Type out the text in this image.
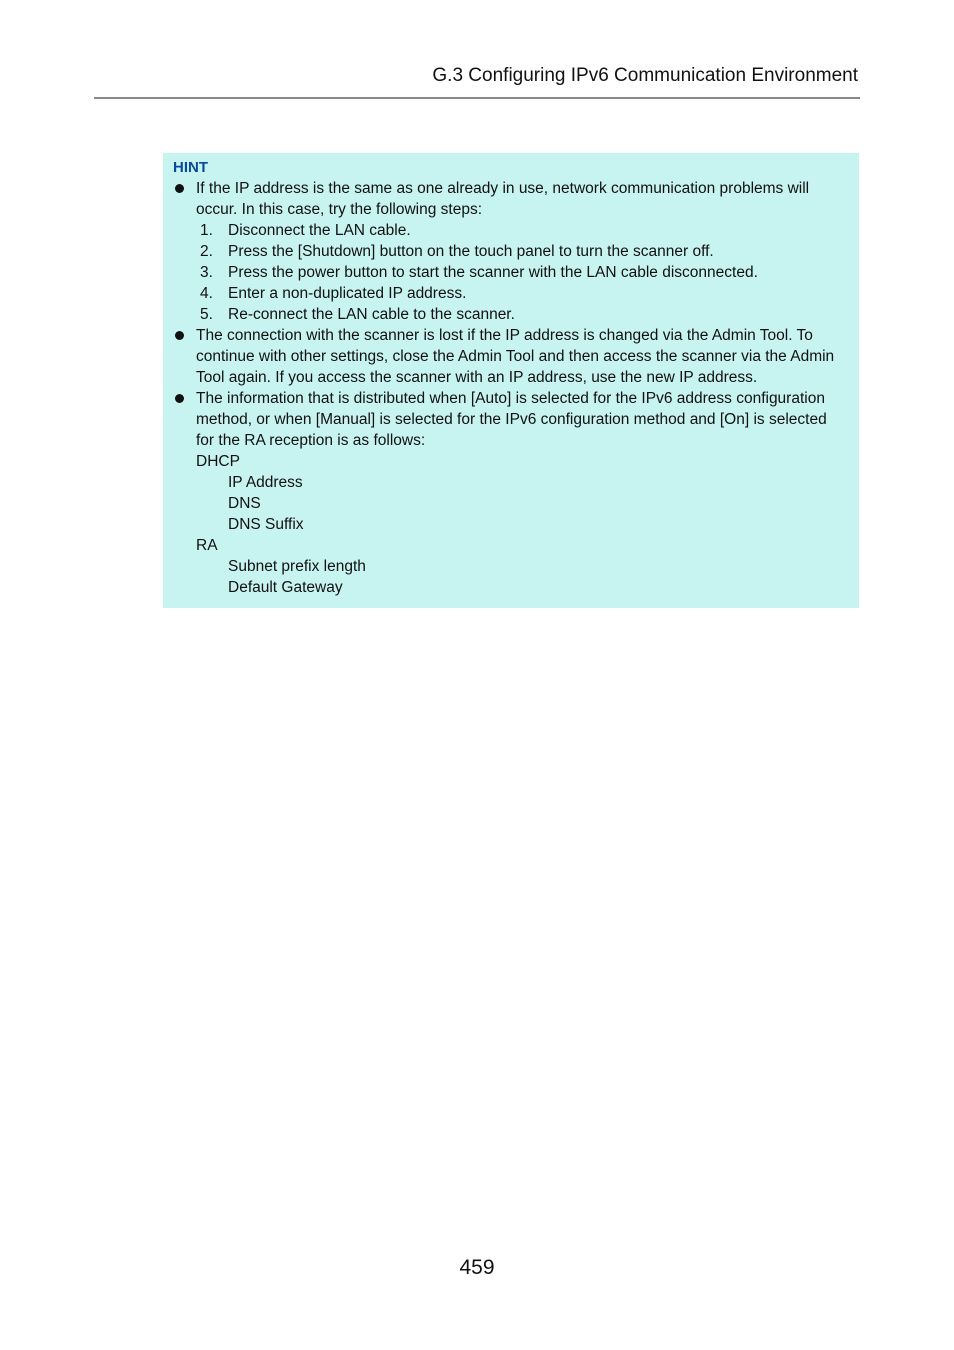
G.3 Configuring IPv6 Communication Environment
HINT

If the IP address is the same as one already in use, network communication problems will occur. In this case, try the following steps:

1. Disconnect the LAN cable.
2. Press the [Shutdown] button on the touch panel to turn the scanner off.
3. Press the power button to start the scanner with the LAN cable disconnected.
4. Enter a non-duplicated IP address.
5. Re-connect the LAN cable to the scanner.

The connection with the scanner is lost if the IP address is changed via the Admin Tool. To continue with other settings, close the Admin Tool and then access the scanner via the Admin Tool again. If you access the scanner with an IP address, use the new IP address.

The information that is distributed when [Auto] is selected for the IPv6 address configuration method, or when [Manual] is selected for the IPv6 configuration method and [On] is selected for the RA reception is as follows:

DHCP
IP Address
DNS
DNS Suffix
RA
Subnet prefix length
Default Gateway
459
